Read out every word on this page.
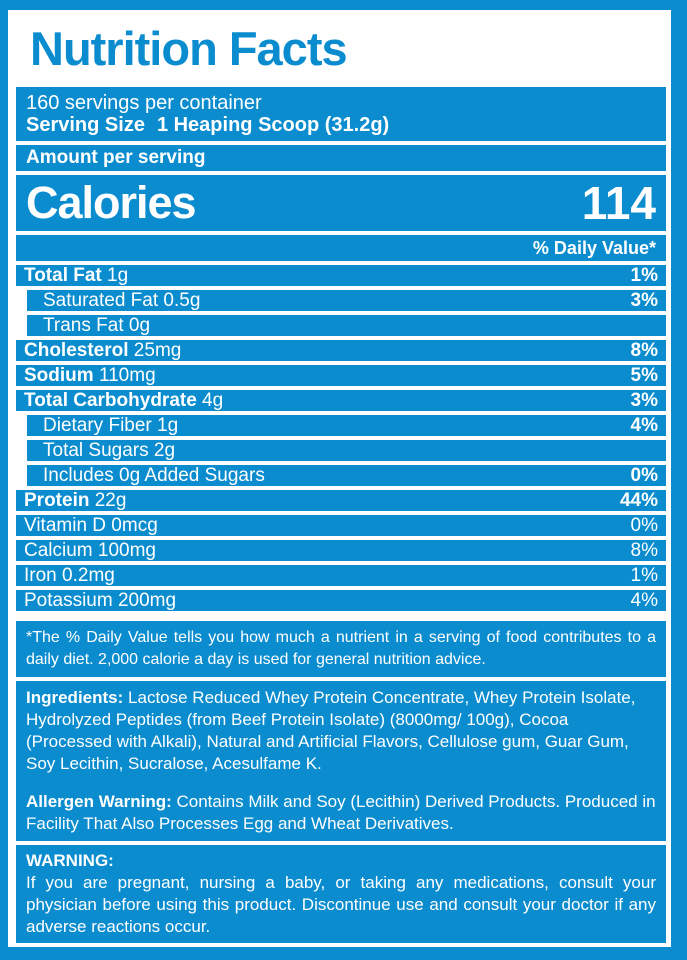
Nutrition Facts
160 servings per container
Serving Size 1 Heaping Scoop (31.2g)
Amount per serving
Calories	114
% Daily Value*
Total Fat 1g	1%
Saturated Fat 0.5g	3%
Trans Fat 0g
Cholesterol 25mg	8%
Sodium 110mg	5%
Total Carbohydrate 4g	3%
Dietary Fiber 1g	4%
Total Sugars 2g
Includes 0g Added Sugars	0%
Protein 22g	44%
Vitamin D 0mcg	0%
Calcium 100mg	8%
Iron 0.2mg	1%
Potassium 200mg	4%
*The % Daily Value tells you how much a nutrient in a serving of food contributes to a daily diet. 2,000 calorie a day is used for general nutrition advice.

Ingredients: Lactose Reduced Whey Protein Concentrate, Whey Protein Isolate, Hydrolyzed Peptides (from Beef Protein Isolate) (8000mg/ 100g), Cocoa (Processed with Alkali), Natural and Artificial Flavors, Cellulose gum, Guar Gum, Soy Lecithin, Sucralose, Acesulfame K.

Allergen Warning: Contains Milk and Soy (Lecithin) Derived Products. Produced in Facility That Also Processes Egg and Wheat Derivatives.

WARNING:
If you are pregnant, nursing a baby, or taking any medications, consult your physician before using this product. Discontinue use and consult your doctor if any adverse reactions occur.
